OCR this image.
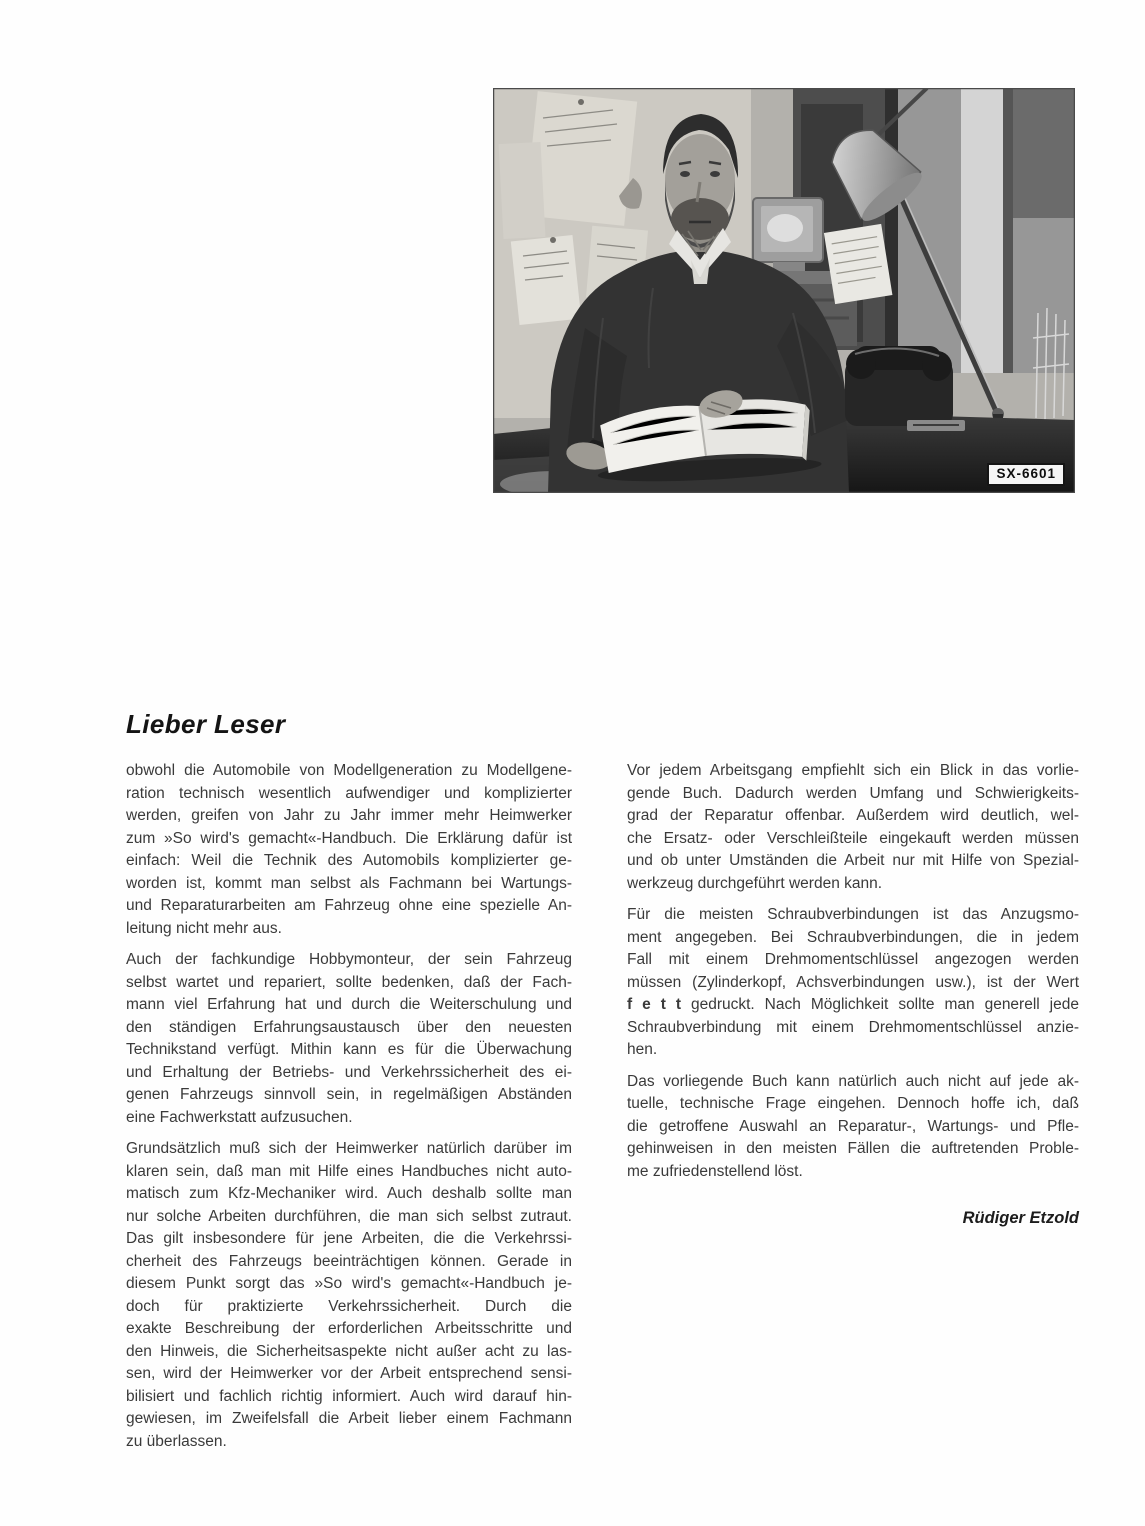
SX-6601
Lieber Leser
obwohl die Automobile von Modellgeneration zu Modellgene-
ration technisch wesentlich aufwendiger und komplizierter
werden, greifen von Jahr zu Jahr immer mehr Heimwerker
zum »So wird's gemacht«-Handbuch. Die Erklärung dafür ist
einfach: Weil die Technik des Automobils komplizierter ge-
worden ist, kommt man selbst als Fachmann bei Wartungs-
und Reparaturarbeiten am Fahrzeug ohne eine spezielle An-
leitung nicht mehr aus.
Auch der fachkundige Hobbymonteur, der sein Fahrzeug
selbst wartet und repariert, sollte bedenken, daß der Fach-
mann viel Erfahrung hat und durch die Weiterschulung und
den ständigen Erfahrungsaustausch über den neuesten
Technikstand verfügt. Mithin kann es für die Überwachung
und Erhaltung der Betriebs- und Verkehrssicherheit des ei-
genen Fahrzeugs sinnvoll sein, in regelmäßigen Abständen
eine Fachwerkstatt aufzusuchen.
Grundsätzlich muß sich der Heimwerker natürlich darüber im
klaren sein, daß man mit Hilfe eines Handbuches nicht auto-
matisch zum Kfz-Mechaniker wird. Auch deshalb sollte man
nur solche Arbeiten durchführen, die man sich selbst zutraut.
Das gilt insbesondere für jene Arbeiten, die die Verkehrssi-
cherheit des Fahrzeugs beeinträchtigen können. Gerade in
diesem Punkt sorgt das »So wird's gemacht«-Handbuch je-
doch für praktizierte Verkehrssicherheit. Durch die
exakte Beschreibung der erforderlichen Arbeitsschritte und
den Hinweis, die Sicherheitsaspekte nicht außer acht zu las-
sen, wird der Heimwerker vor der Arbeit entsprechend sensi-
bilisiert und fachlich richtig informiert. Auch wird darauf hin-
gewiesen, im Zweifelsfall die Arbeit lieber einem Fachmann
zu überlassen.
Vor jedem Arbeitsgang empfiehlt sich ein Blick in das vorlie-
gende Buch. Dadurch werden Umfang und Schwierigkeits-
grad der Reparatur offenbar. Außerdem wird deutlich, wel-
che Ersatz- oder Verschleißteile eingekauft werden müssen
und ob unter Umständen die Arbeit nur mit Hilfe von Spezial-
werkzeug durchgeführt werden kann.
Für die meisten Schraubverbindungen ist das Anzugsmo-
ment angegeben. Bei Schraubverbindungen, die in jedem
Fall mit einem Drehmomentschlüssel angezogen werden
müssen (Zylinderkopf, Achsverbindungen usw.), ist der Wert
f e t t gedruckt. Nach Möglichkeit sollte man generell jede
Schraubverbindung mit einem Drehmomentschlüssel anzie-
hen.
Das vorliegende Buch kann natürlich auch nicht auf jede ak-
tuelle, technische Frage eingehen. Dennoch hoffe ich, daß
die getroffene Auswahl an Reparatur-, Wartungs- und Pfle-
gehinweisen in den meisten Fällen die auftretenden Proble-
me zufriedenstellend löst.
Rüdiger Etzold
